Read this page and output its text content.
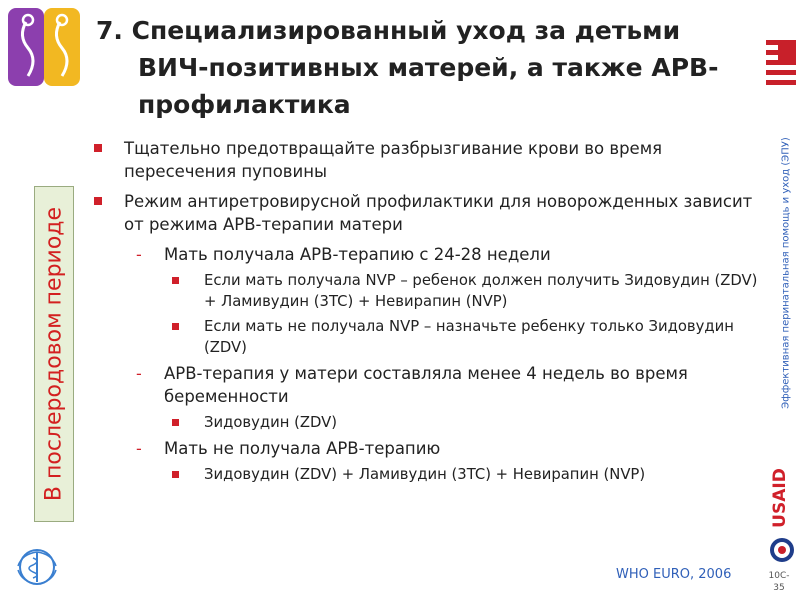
7. Специализированный уход за детьми
ВИЧ-позитивных матерей, а также АРВ-
профилактика
Эффективная перинатальная помощь и уход (ЭПУ)
В послеродовом периоде
Тщательно предотвращайте разбрызгивание крови во время пересечения пуповины
Режим антиретровирусной профилактики для новорожденных зависит от режима АРВ-терапии матери
- Мать получала АРВ-терапию с 24-28 недели
Если мать получала NVP – ребенок должен получить Зидовудин (ZDV) + Ламивудин (3TC) + Невирапин (NVP)
Если мать не получала NVP – назначьте ребенку только Зидовудин (ZDV)
- АРВ-терапия у матери составляла менее 4 недель во время беременности
Зидовудин (ZDV)
- Мать не получала АРВ-терапию
Зидовудин (ZDV) + Ламивудин (3TC) + Невирапин (NVP)
WHO EURO, 2006
USAID
10C-
35
